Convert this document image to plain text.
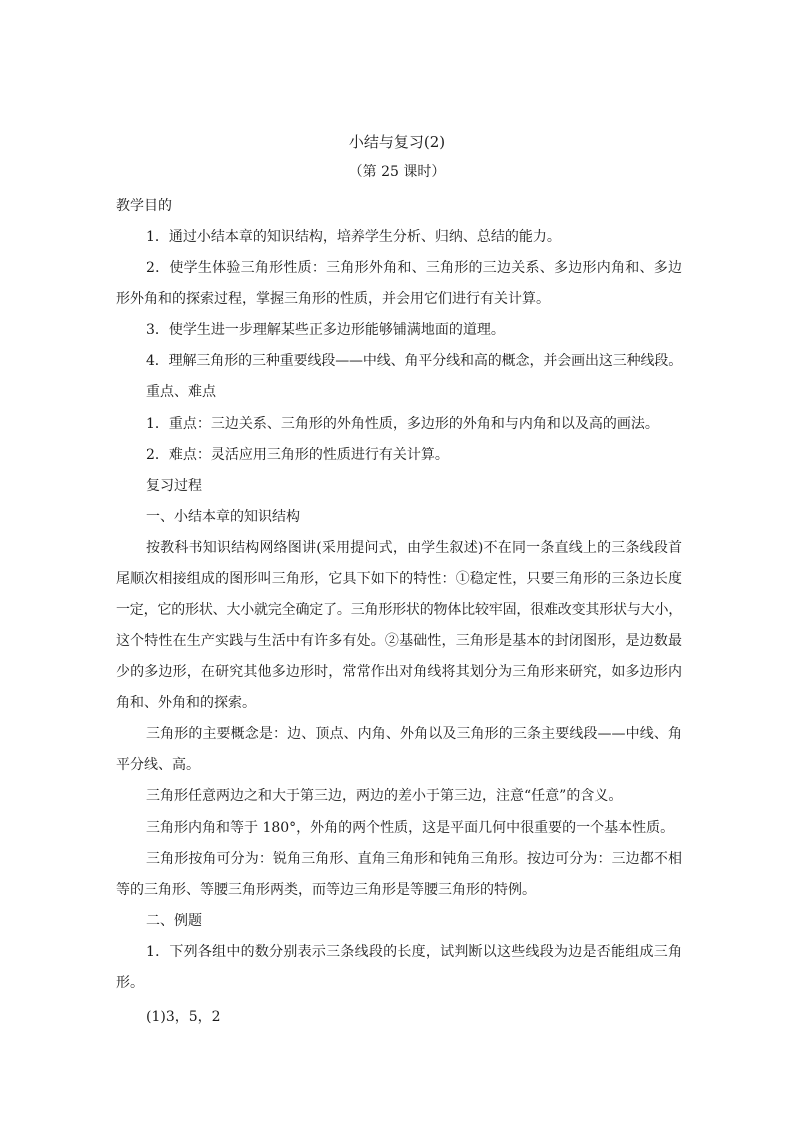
小结与复习(2)
（第 25 课时）
教学目的
1．通过小结本章的知识结构，培养学生分析、归纳、总结的能力。
2．使学生体验三角形性质：三角形外角和、三角形的三边关系、多边形内角和、多边
形外角和的探索过程，掌握三角形的性质，并会用它们进行有关计算。
3．使学生进一步理解某些正多边形能够铺满地面的道理。
4．理解三角形的三种重要线段——中线、角平分线和高的概念，并会画出这三种线段。
重点、难点
1．重点：三边关系、三角形的外角性质，多边形的外角和与内角和以及高的画法。
2．难点：灵活应用三角形的性质进行有关计算。
复习过程
一、小结本章的知识结构
按教科书知识结构网络图讲(采用提问式，由学生叙述)不在同一条直线上的三条线段首
尾顺次相接组成的图形叫三角形，它具下如下的特性：①稳定性，只要三角形的三条边长度
一定，它的形状、大小就完全确定了。三角形形状的物体比较牢固，很难改变其形状与大小，
这个特性在生产实践与生活中有许多有处。②基础性，三角形是基本的封闭图形，是边数最
少的多边形，在研究其他多边形时，常常作出对角线将其划分为三角形来研究，如多边形内
角和、外角和的探索。
三角形的主要概念是：边、顶点、内角、外角以及三角形的三条主要线段——中线、角
平分线、高。
三角形任意两边之和大于第三边，两边的差小于第三边，注意“任意”的含义。
三角形内角和等于 180°，外角的两个性质，这是平面几何中很重要的一个基本性质。
三角形按角可分为：锐角三角形、直角三角形和钝角三角形。按边可分为：三边都不相
等的三角形、等腰三角形两类，而等边三角形是等腰三角形的特例。
二、例题
1．下列各组中的数分别表示三条线段的长度，试判断以这些线段为边是否能组成三角
形。
(1)3，5，2
